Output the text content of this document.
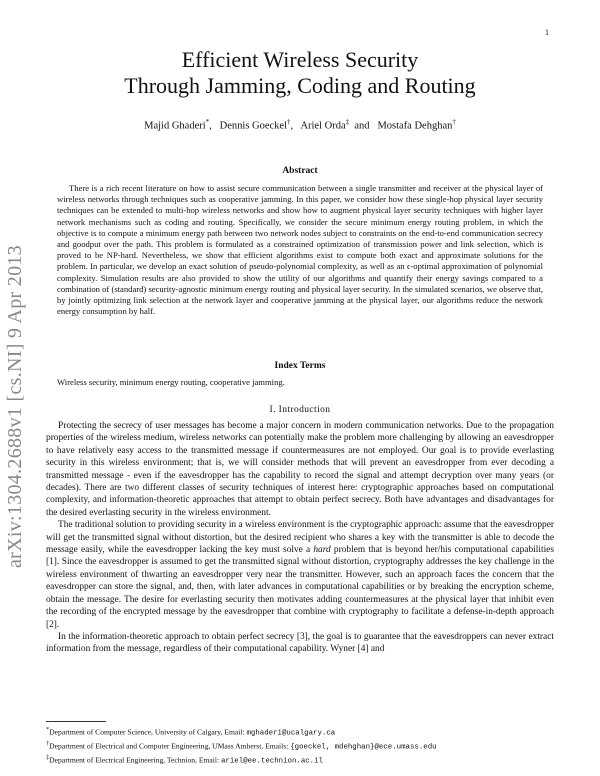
1
arXiv:1304.2688v1 [cs.NI] 9 Apr 2013
Efficient Wireless Security
Through Jamming, Coding and Routing
Majid Ghaderi*, Dennis Goeckel†, Ariel Orda‡ and Mostafa Dehghan†
Abstract

There is a rich recent literature on how to assist secure communication between a single transmitter and receiver at the physical layer of wireless networks through techniques such as cooperative jamming. In this paper, we consider how these single-hop physical layer security techniques can be extended to multi-hop wireless networks and show how to augment physical layer security techniques with higher layer network mechanisms such as coding and routing. Specifically, we consider the secure minimum energy routing problem, in which the objective is to compute a minimum energy path between two network nodes subject to constraints on the end-to-end communication secrecy and goodput over the path. This problem is formulated as a constrained optimization of transmission power and link selection, which is proved to be NP-hard. Nevertheless, we show that efficient algorithms exist to compute both exact and approximate solutions for the problem. In particular, we develop an exact solution of pseudo-polynomial complexity, as well as an ϵ-optimal approximation of polynomial complexity. Simulation results are also provided to show the utility of our algorithms and quantify their energy savings compared to a combination of (standard) security-agnostic minimum energy routing and physical layer security. In the simulated scenarios, we observe that, by jointly optimizing link selection at the network layer and cooperative jamming at the physical layer, our algorithms reduce the network energy consumption by half.

Index Terms

Wireless security, minimum energy routing, cooperative jamming.

I. Introduction

Protecting the secrecy of user messages has become a major concern in modern communication networks. Due to the propagation properties of the wireless medium, wireless networks can potentially make the problem more challenging by allowing an eavesdropper to have relatively easy access to the transmitted message if countermeasures are not employed. Our goal is to provide everlasting security in this wireless environment; that is, we will consider methods that will prevent an eavesdropper from ever decoding a transmitted message - even if the eavesdropper has the capability to record the signal and attempt decryption over many years (or decades). There are two different classes of security techniques of interest here: cryptographic approaches based on computational complexity, and information-theoretic approaches that attempt to obtain perfect secrecy. Both have advantages and disadvantages for the desired everlasting security in the wireless environment.

The traditional solution to providing security in a wireless environment is the cryptographic approach: assume that the eavesdropper will get the transmitted signal without distortion, but the desired recipient who shares a key with the transmitter is able to decode the message easily, while the eavesdropper lacking the key must solve a hard problem that is beyond her/his computational capabilities [1]. Since the eavesdropper is assumed to get the transmitted signal without distortion, cryptography addresses the key challenge in the wireless environment of thwarting an eavesdropper very near the transmitter. However, such an approach faces the concern that the eavesdropper can store the signal, and, then, with later advances in computational capabilities or by breaking the encryption scheme, obtain the message. The desire for everlasting security then motivates adding countermeasures at the physical layer that inhibit even the recording of the encrypted message by the eavesdropper that combine with cryptography to facilitate a defense-in-depth approach [2].

In the information-theoretic approach to obtain perfect secrecy [3], the goal is to guarantee that the eavesdroppers can never extract information from the message, regardless of their computational capability. Wyner [4] and

*Department of Computer Science, University of Calgary, Email: mghaderi@ucalgary.ca
†Department of Electrical and Computer Engineering, UMass Amherst, Emails: {goeckel, mdehghan}@ece.umass.edu
‡Department of Electrical Engineering, Technion, Email: ariel@ee.technion.ac.il
